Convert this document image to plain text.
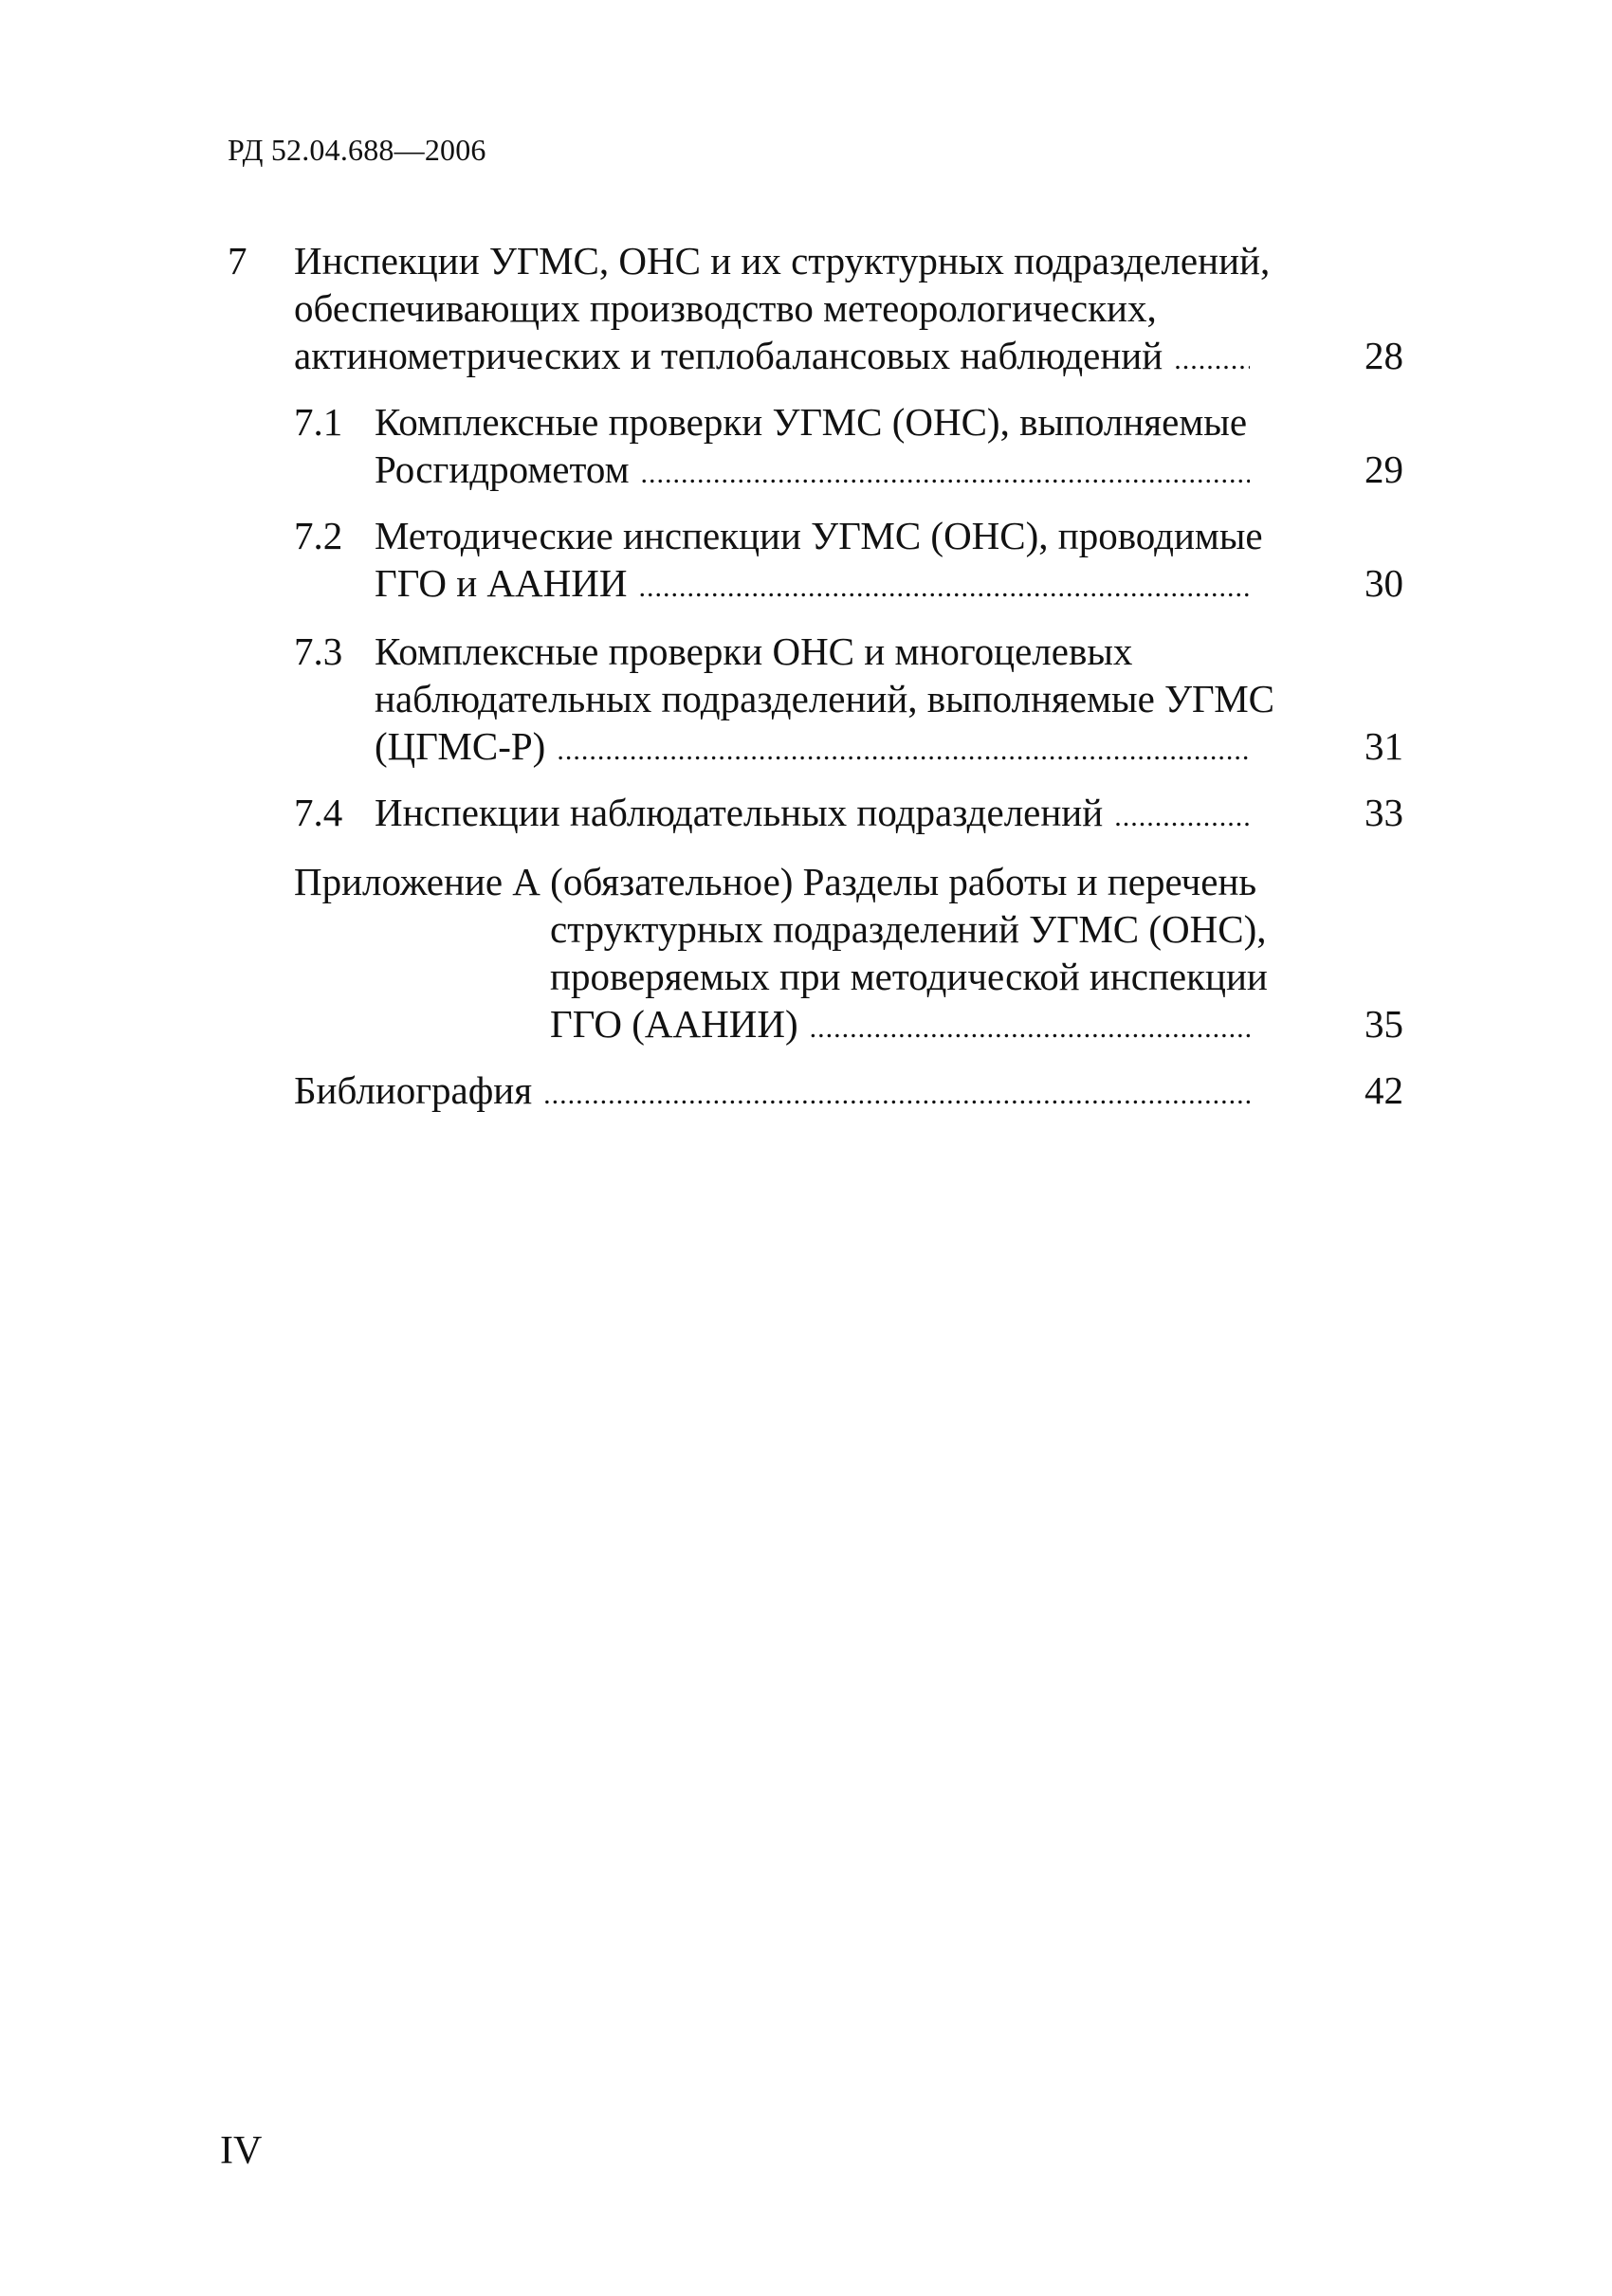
РД 52.04.688—2006
7 Инспекции УГМС, ОНС и их структурных подразделений,
обеспечивающих производство метеорологических,
актинометрических и теплобалансовых наблюдений .....	28
7.1 Комплексные проверки УГМС (ОНС), выполняемые
Росгидрометом .....	29
7.2 Методические инспекции УГМС (ОНС), проводимые
ГГО и ААНИИ .....	30
7.3 Комплексные проверки ОНС и многоцелевых
наблюдательных подразделений, выполняемые УГМС
(ЦГМС-Р) .....	31
7.4 Инспекции наблюдательных подразделений .....	33
Приложение А (обязательное) Разделы работы и перечень
структурных подразделений УГМС (ОНС),
проверяемых при методической инспекции
ГГО (ААНИИ) .....	35
Библиография .....	42
IV
